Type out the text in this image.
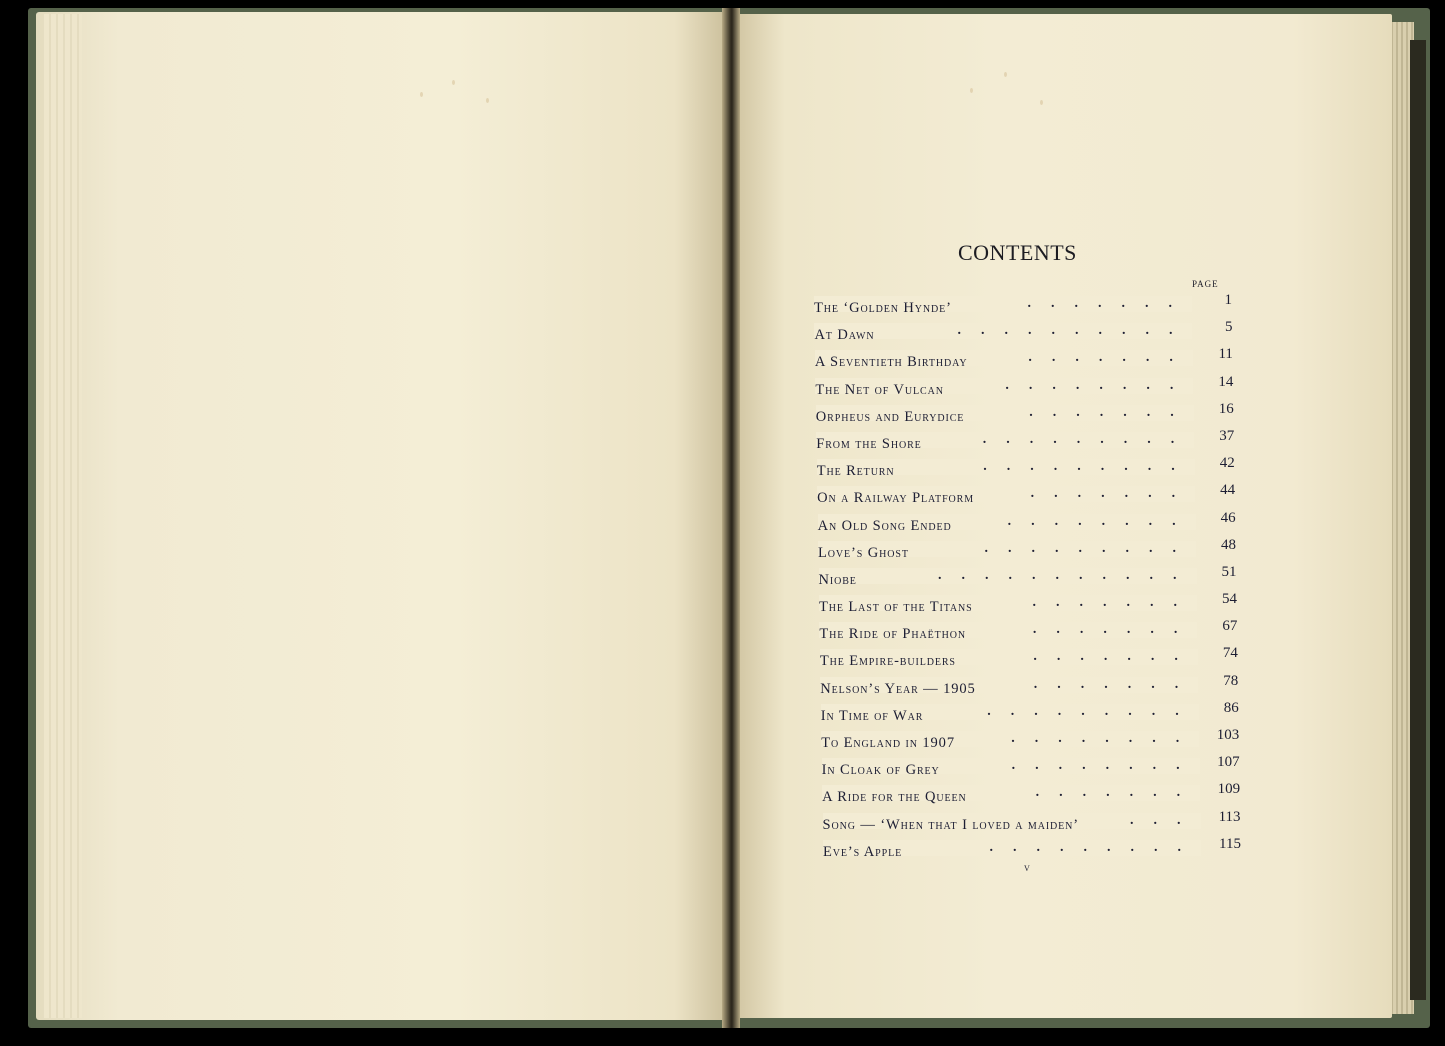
CONTENTS
PAGE
.......
The ‘Golden Hynde’	1
..........
At Dawn	5
.......
A Seventieth Birthday	11
........
The Net of Vulcan	14
.......
Orpheus and Eurydice	16
.........
From the Shore	37
.........
The Return	42
.......
On a Railway Platform	44
........
An Old Song Ended	46
.........
Love’s Ghost	48
...........
Niobe	51
.......
The Last of the Titans	54
.......
The Ride of Phaëthon	67
.......
The Empire-builders	74
.......
Nelson’s Year — 1905	78
.........
In Time of War	86
........
To England in 1907	103
........
In Cloak of Grey	107
.......
A Ride for the Queen	109
...
Song — ‘When that I loved a maiden’	113
.........
Eve’s Apple	115
v
